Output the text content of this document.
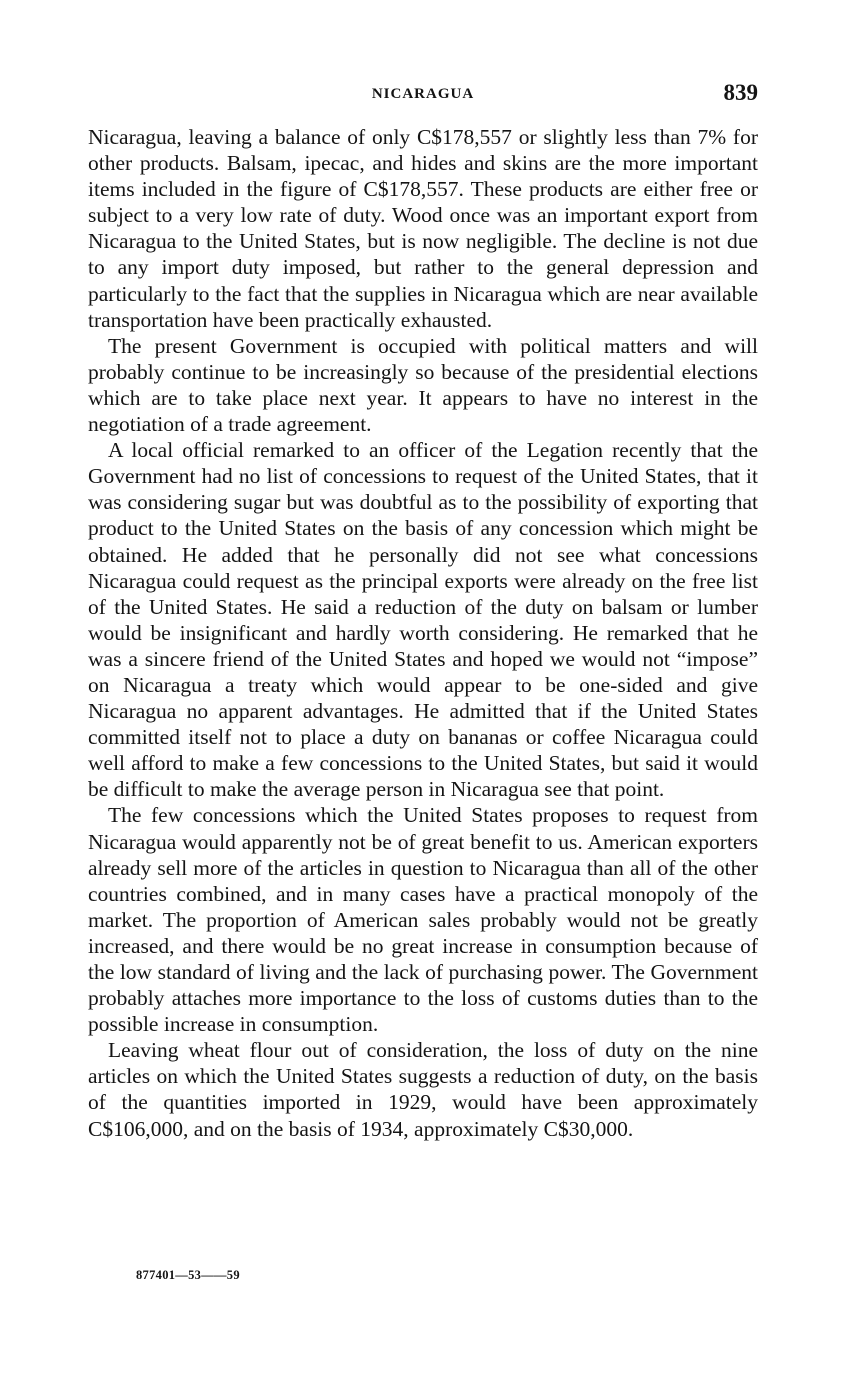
NICARAGUA	839

Nicaragua, leaving a balance of only C$178,557 or slightly less than 7% for other products. Balsam, ipecac, and hides and skins are the more important items included in the figure of C$178,557. These products are either free or subject to a very low rate of duty. Wood once was an important export from Nicaragua to the United States, but is now negligible. The decline is not due to any import duty imposed, but rather to the general depression and particularly to the fact that the supplies in Nicaragua which are near available transportation have been practically exhausted.

The present Government is occupied with political matters and will probably continue to be increasingly so because of the presidential elections which are to take place next year. It appears to have no interest in the negotiation of a trade agreement.

A local official remarked to an officer of the Legation recently that the Government had no list of concessions to request of the United States, that it was considering sugar but was doubtful as to the possibility of exporting that product to the United States on the basis of any concession which might be obtained. He added that he personally did not see what concessions Nicaragua could request as the principal exports were already on the free list of the United States. He said a reduction of the duty on balsam or lumber would be insignificant and hardly worth considering. He remarked that he was a sincere friend of the United States and hoped we would not “impose” on Nicaragua a treaty which would appear to be one-sided and give Nicaragua no apparent advantages. He admitted that if the United States committed itself not to place a duty on bananas or coffee Nicaragua could well afford to make a few concessions to the United States, but said it would be difficult to make the average person in Nicaragua see that point.

The few concessions which the United States proposes to request from Nicaragua would apparently not be of great benefit to us. American exporters already sell more of the articles in question to Nicaragua than all of the other countries combined, and in many cases have a practical monopoly of the market. The proportion of American sales probably would not be greatly increased, and there would be no great increase in consumption because of the low standard of living and the lack of purchasing power. The Government probably attaches more importance to the loss of customs duties than to the possible increase in consumption.

Leaving wheat flour out of consideration, the loss of duty on the nine articles on which the United States suggests a reduction of duty, on the basis of the quantities imported in 1929, would have been approximately C$106,000, and on the basis of 1934, approximately C$30,000.

877401—53——59
